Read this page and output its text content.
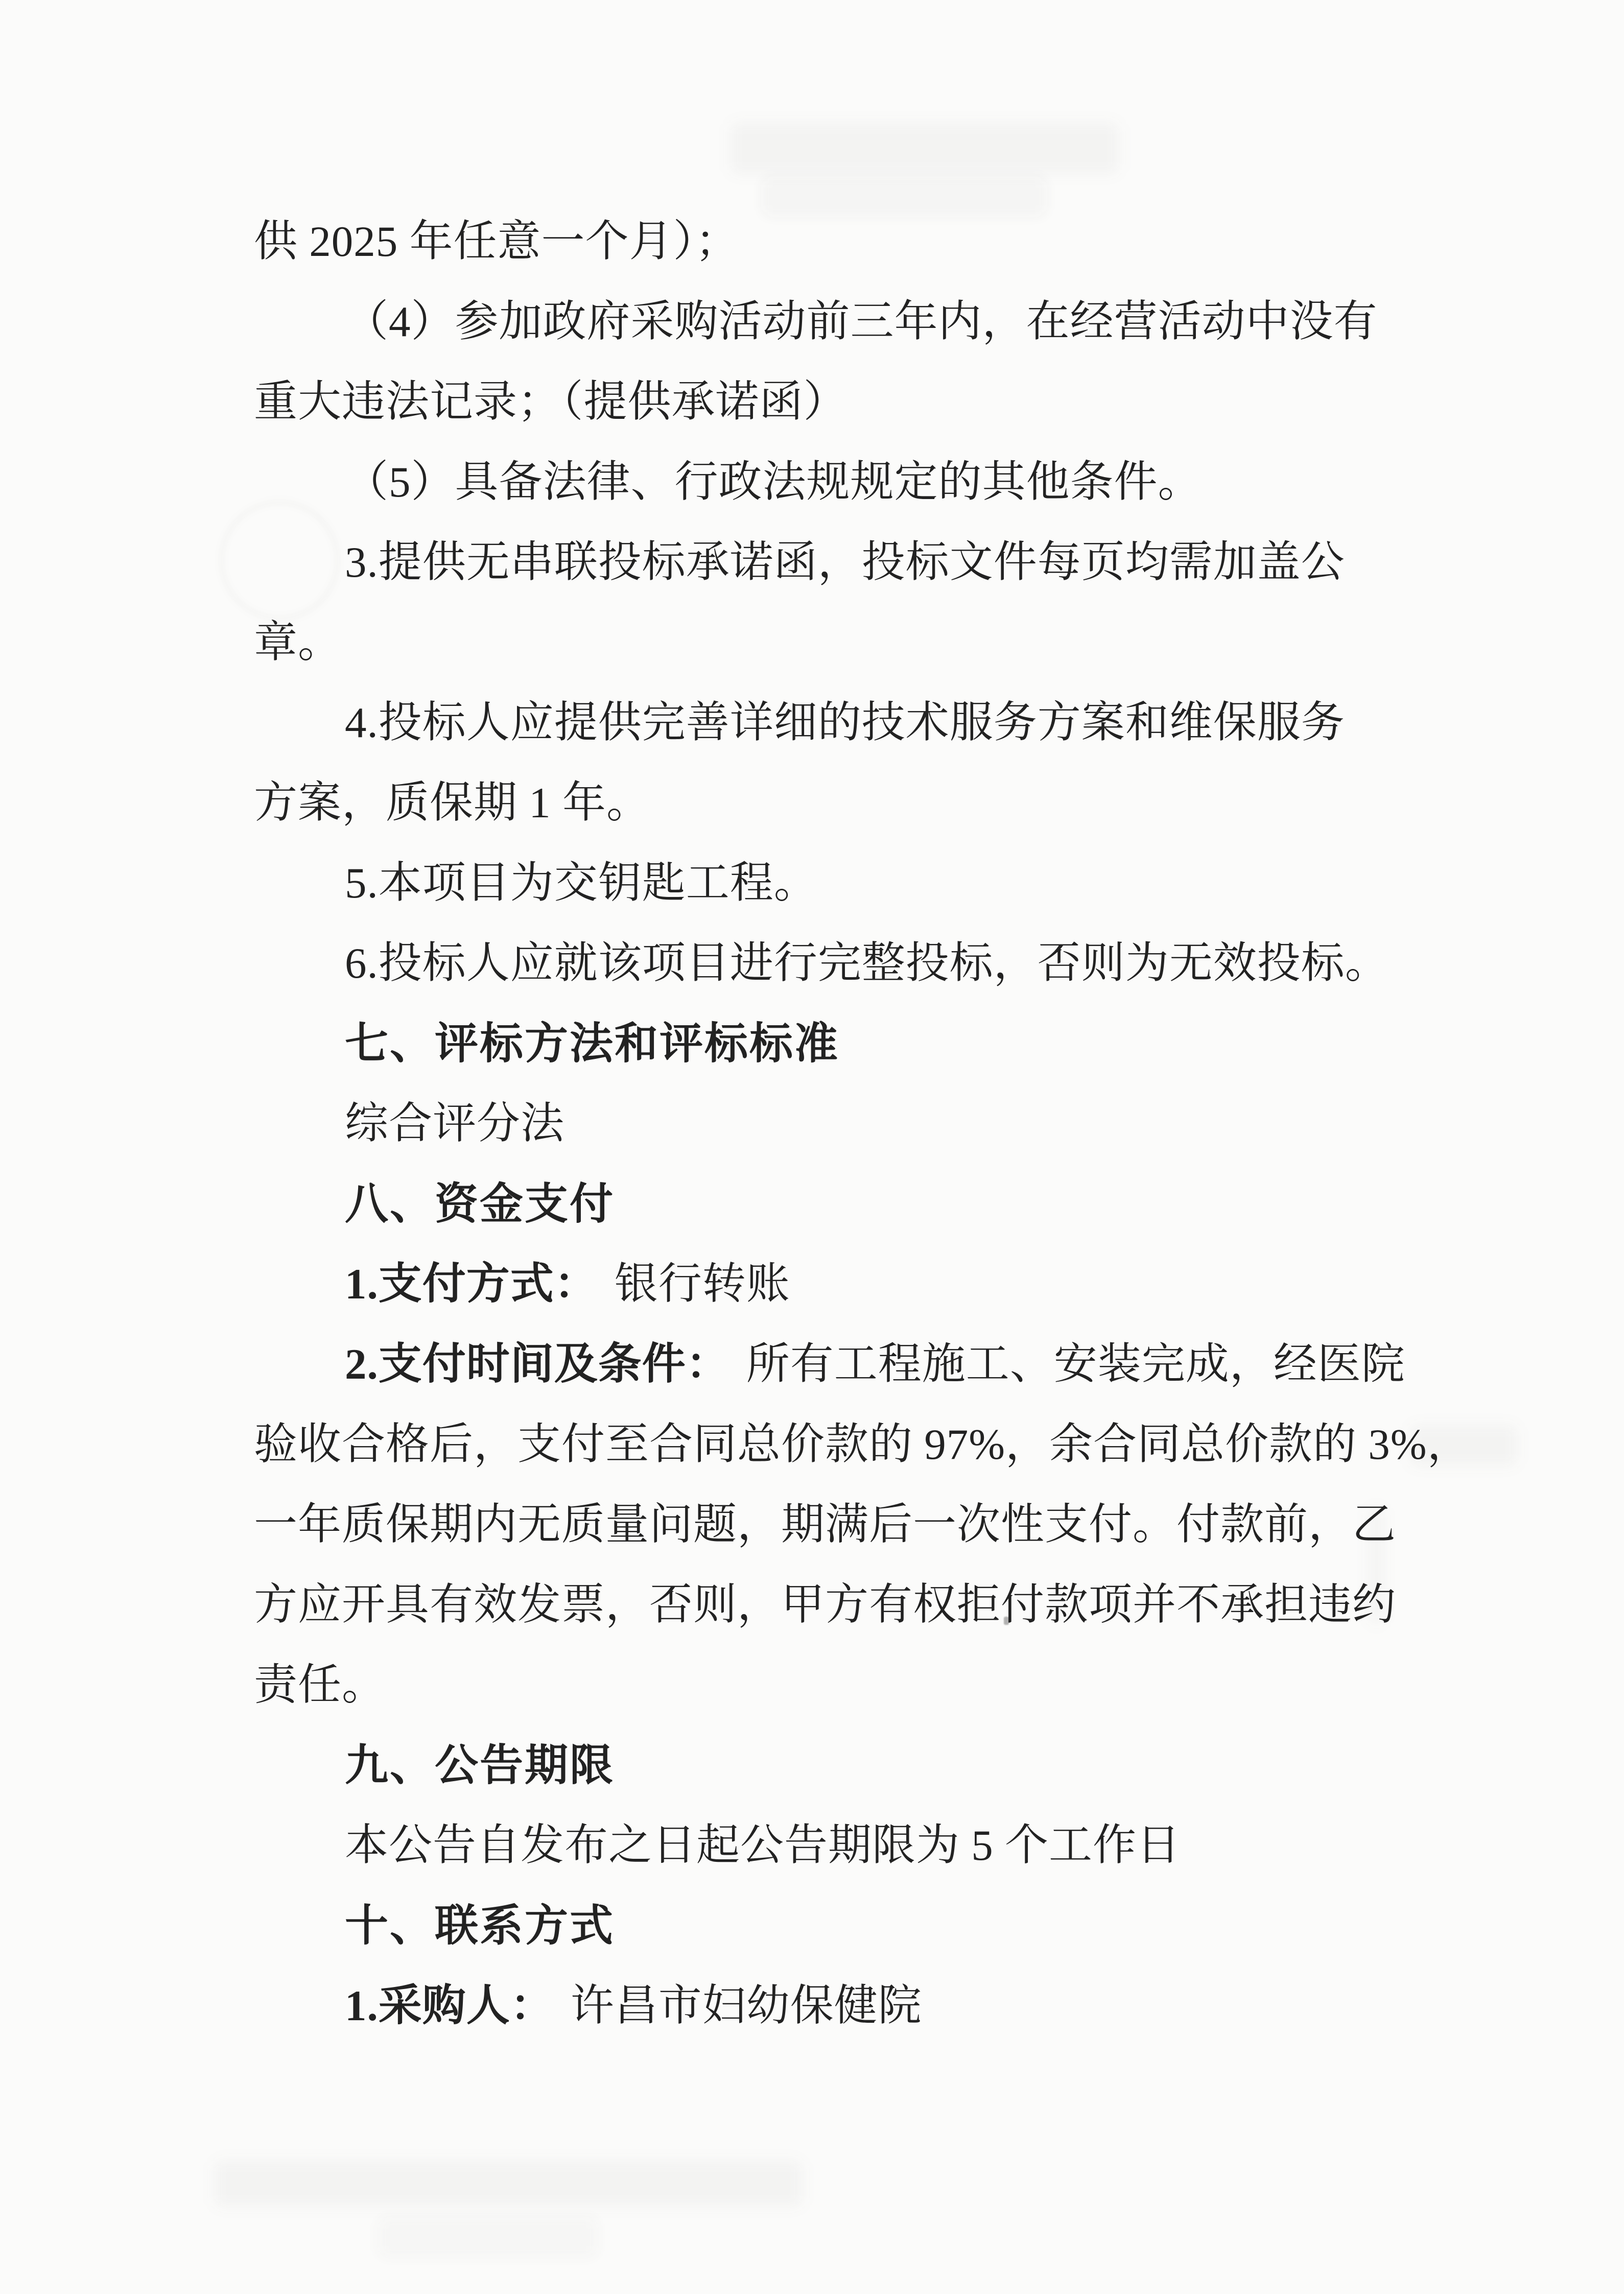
供 2025 年任意一个月）；

（4）参加政府采购活动前三年内，在经营活动中没有

重大违法记录；（提供承诺函）

（5）具备法律、行政法规规定的其他条件。

3.提供无串联投标承诺函，投标文件每页均需加盖公

章。

4.投标人应提供完善详细的技术服务方案和维保服务

方案，质保期 1 年。

5.本项目为交钥匙工程。

6.投标人应就该项目进行完整投标，否则为无效投标。

七、评标方法和评标标准

综合评分法

八、资金支付

1.支付方式： 银行转账

2.支付时间及条件： 所有工程施工、安装完成，经医院

验收合格后，支付至合同总价款的 97%，余合同总价款的 3%，

一年质保期内无质量问题，期满后一次性支付。付款前，乙

方应开具有效发票，否则，甲方有权拒付款项并不承担违约

责任。

九、公告期限

本公告自发布之日起公告期限为 5 个工作日

十、联系方式

1.采购人： 许昌市妇幼保健院
